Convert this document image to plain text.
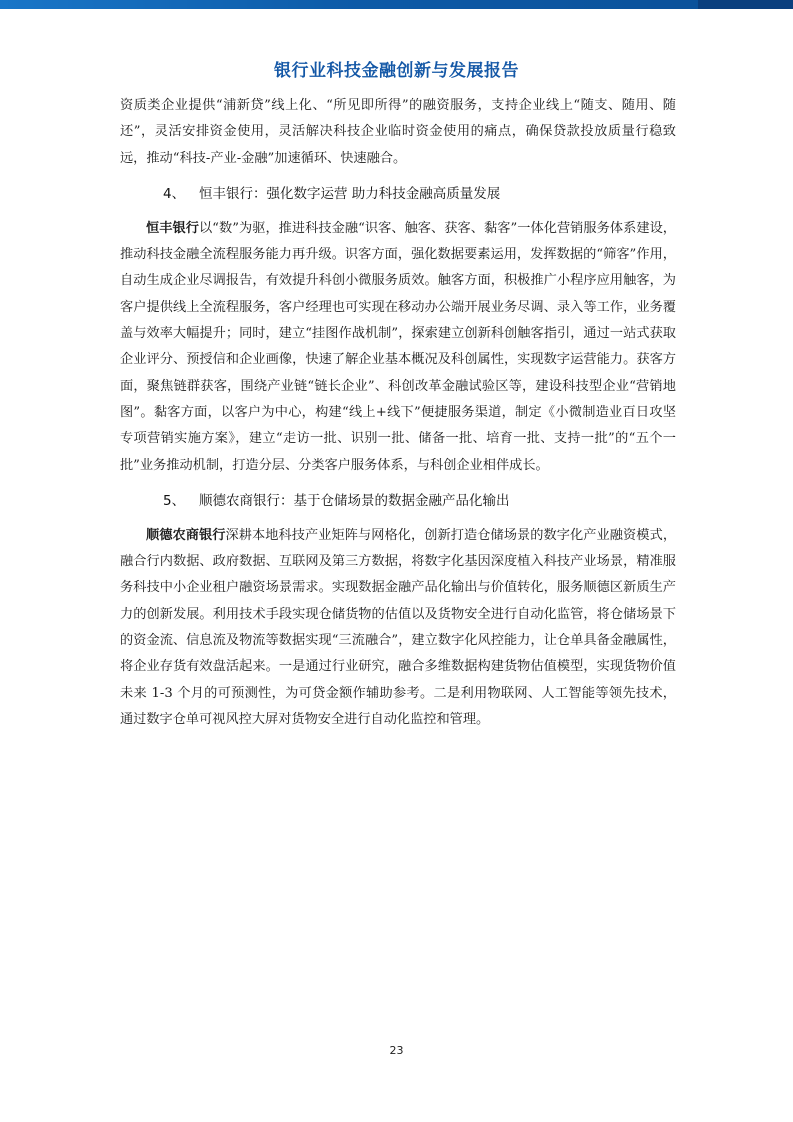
银行业科技金融创新与发展报告

资质类企业提供“浦新贷”线上化、“所见即所得”的融资服务，支持企业线上“随支、随用、随还”，灵活安排资金使用，灵活解决科技企业临时资金使用的痛点，确保贷款投放质量行稳致远，推动“科技-产业-金融”加速循环、快速融合。

4、 恒丰银行：强化数字运营 助力科技金融高质量发展

恒丰银行以“数”为驱，推进科技金融“识客、触客、获客、黏客”一体化营销服务体系建设，推动科技金融全流程服务能力再升级。识客方面，强化数据要素运用，发挥数据的“筛客”作用，自动生成企业尽调报告，有效提升科创小微服务质效。触客方面，积极推广小程序应用触客，为客户提供线上全流程服务，客户经理也可实现在移动办公端开展业务尽调、录入等工作，业务覆盖与效率大幅提升；同时，建立“挂图作战机制”，探索建立创新科创触客指引，通过一站式获取企业评分、预授信和企业画像，快速了解企业基本概况及科创属性，实现数字运营能力。获客方面，聚焦链群获客，围绕产业链“链长企业”、科创改革金融试验区等，建设科技型企业“营销地图”。黏客方面，以客户为中心，构建“线上+线下”便捷服务渠道，制定《小微制造业百日攻坚专项营销实施方案》，建立“走访一批、识别一批、储备一批、培育一批、支持一批”的“五个一批”业务推动机制，打造分层、分类客户服务体系，与科创企业相伴成长。

5、 顺德农商银行：基于仓储场景的数据金融产品化输出

顺德农商银行深耕本地科技产业矩阵与网格化，创新打造仓储场景的数字化产业融资模式，融合行内数据、政府数据、互联网及第三方数据，将数字化基因深度植入科技产业场景，精准服务科技中小企业租户融资场景需求。实现数据金融产品化输出与价值转化，服务顺德区新质生产力的创新发展。利用技术手段实现仓储货物的估值以及货物安全进行自动化监管，将仓储场景下的资金流、信息流及物流等数据实现“三流融合”，建立数字化风控能力，让仓单具备金融属性，将企业存货有效盘活起来。一是通过行业研究，融合多维数据构建货物估值模型，实现货物价值未来 1-3 个月的可预测性，为可贷金额作辅助参考。二是利用物联网、人工智能等领先技术，通过数字仓单可视风控大屏对货物安全进行自动化监控和管理。

23
